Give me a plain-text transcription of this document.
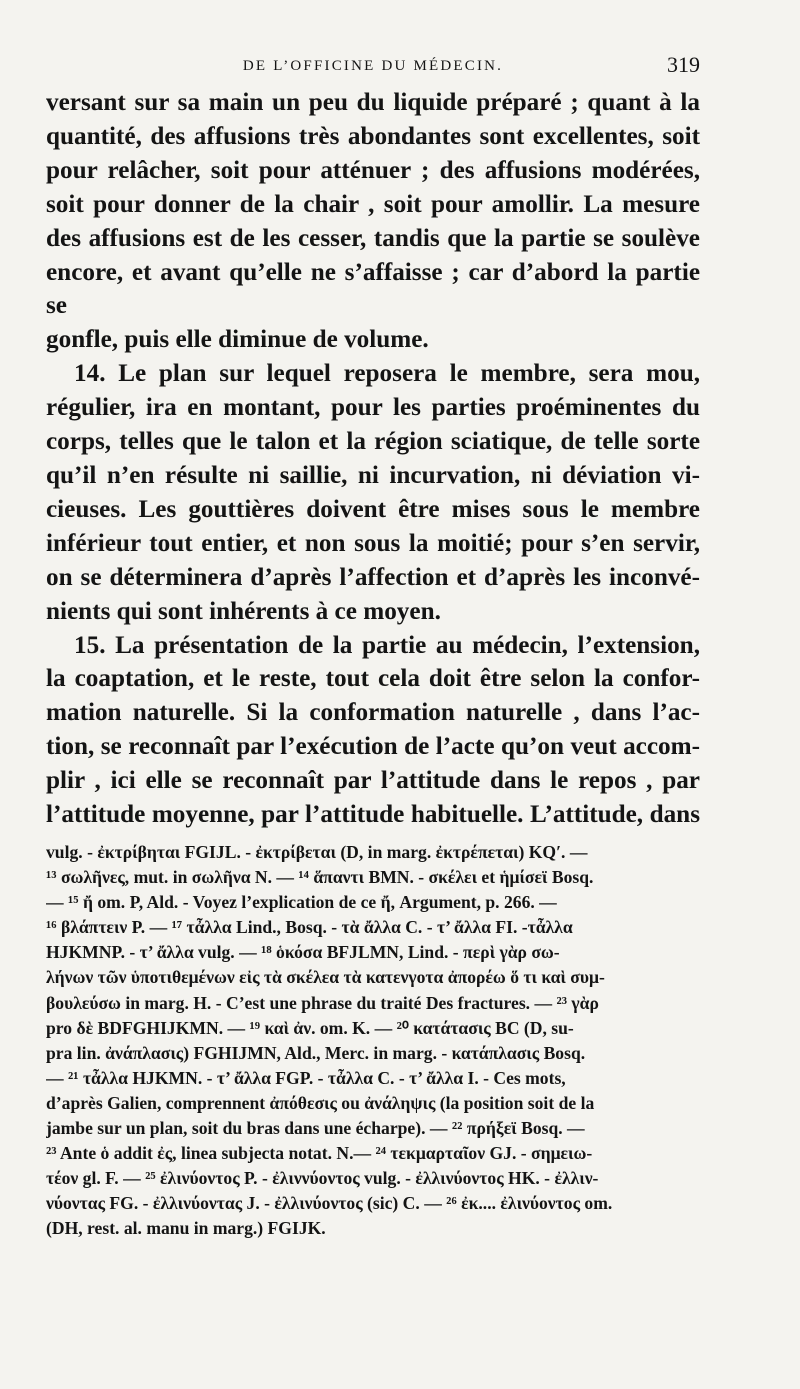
DE L’OFFICINE DU MÉDECIN.	319

versant sur sa main un peu du liquide préparé ; quant à la

quantité, des affusions très abondantes sont excellentes, soit

pour relâcher, soit pour atténuer ; des affusions modérées,

soit pour donner de la chair , soit pour amollir. La mesure

des affusions est de les cesser, tandis que la partie se soulève

encore, et avant qu’elle ne s’affaisse ; car d’abord la partie se

gonfle, puis elle diminue de volume.

14. Le plan sur lequel reposera le membre, sera mou,

régulier, ira en montant, pour les parties proéminentes du

corps, telles que le talon et la région sciatique, de telle sorte

qu’il n’en résulte ni saillie, ni incurvation, ni déviation vi-

cieuses. Les gouttières doivent être mises sous le membre

inférieur tout entier, et non sous la moitié; pour s’en servir,

on se déterminera d’après l’affection et d’après les inconvé-

nients qui sont inhérents à ce moyen.

15. La présentation de la partie au médecin, l’extension,

la coaptation, et le reste, tout cela doit être selon la confor-

mation naturelle. Si la conformation naturelle , dans l’ac-

tion, se reconnaît par l’exécution de l’acte qu’on veut accom-

plir , ici elle se reconnaît par l’attitude dans le repos , par

l’attitude moyenne, par l’attitude habituelle. L’attitude, dans

vulg. - ἐκτρίβηται FGIJL. - ἐκτρίβεται (D, in marg. ἐκτρέπεται) KQ′. —

¹³ σωλῆνες, mut. in σωλῆνα N. — ¹⁴ ἅπαντι BMN. - σκέλει et ἡμίσεϊ Bosq.

— ¹⁵ ἤ om. P, Ald. - Voyez l’explication de ce ἤ, Argument, p. 266. —

¹⁶ βλάπτειν P. — ¹⁷ τἆλλα Lind., Bosq. - τὰ ἄλλα C. - τ’ ἄλλα FI. -τἆλλα

HJKMNP. - τ’ ἄλλα vulg. — ¹⁸ ὁκόσα BFJLMN, Lind. - περὶ γὰρ σω-

λήνων τῶν ὑποτιθεμένων εἰς τὰ σκέλεα τὰ κατενγοτα ἀπορέω ὅ τι καὶ συμ-

βουλεύσω in marg. H. - C’est une phrase du traité Des fractures. — ²³ γὰρ

pro δὲ BDFGHIJKMN. — ¹⁹ καὶ ἀν. om. K. — ²⁰ κατάτασις BC (D, su-

pra lin. ἀνάπλασις) FGHIJMN, Ald., Merc. in marg. - κατάπλασις Bosq.

— ²¹ τἆλλα HJKMN. - τ’ ἄλλα FGP. - τἆλλα C. - τ’ ἄλλα I. - Ces mots,

d’après Galien, comprennent ἀπόθεσις ou ἀνάληψις (la position soit de la

jambe sur un plan, soit du bras dans une écharpe). — ²² πρήξεϊ Bosq. —

²³ Ante ὁ addit ἐς, linea subjecta notat. N.— ²⁴ τεκμαρταῖον GJ. - σημειω-

τέον gl. F. — ²⁵ ἐλινύοντος P. - ἐλιννύοντος vulg. - ἐλλινύοντος HK. - ἐλλιν-

νύοντας FG. - ἐλλινύοντας J. - ἐλλινύοντος (sic) C. — ²⁶ ἐκ.... ἐλινύοντος om.

(DH, rest. al. manu in marg.) FGIJK.
